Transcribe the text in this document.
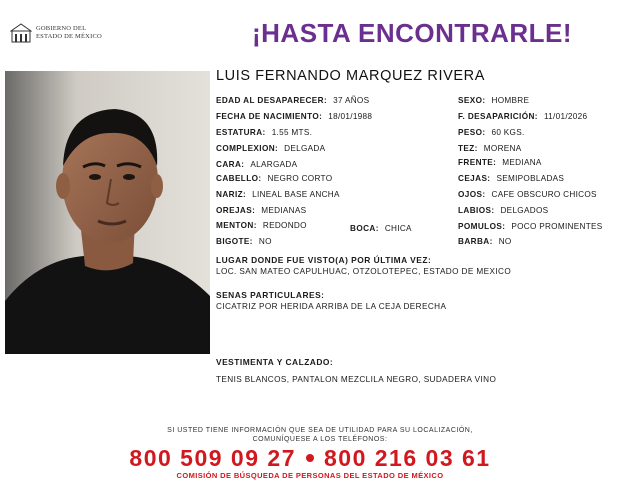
GOBIERNO DEL
ESTADO DE MÉXICO	¡HASTA ENCONTRARLE!
LUIS FERNANDO MARQUEZ RIVERA
EDAD AL DESAPARECER: 37 AÑOS
FECHA DE NACIMIENTO: 18/01/1988
ESTATURA: 1.55 MTS.
COMPLEXION: DELGADA
CARA: ALARGADA
CABELLO: NEGRO CORTO
NARIZ: LINEAL BASE ANCHA
OREJAS: MEDIANAS
MENTON: REDONDO	BOCA: CHICA
BIGOTE: NO
SEXO: HOMBRE
F. DESAPARICIÓN: 11/01/2026
PESO: 60 KGS.
TEZ: MORENA
FRENTE: MEDIANA
CEJAS: SEMIPOBLADAS
OJOS: CAFE OBSCURO CHICOS
LABIOS: DELGADOS
POMULOS: POCO PROMINENTES
BARBA: NO
LUGAR DONDE FUE VISTO(A) POR ÚLTIMA VEZ:
LOC. SAN MATEO CAPULHUAC, OTZOLOTEPEC, ESTADO DE MEXICO
SENAS PARTICULARES:
CICATRIZ POR HERIDA ARRIBA DE LA CEJA DERECHA
VESTIMENTA Y CALZADO:
TENIS BLANCOS, PANTALON MEZCLILA NEGRO, SUDADERA VINO
SI USTED TIENE INFORMACIÓN QUE SEA DE UTILIDAD PARA SU LOCALIZACIÓN,
COMUNÍQUESE A LOS TELÉFONOS:
800 509 09 27 800 216 03 61
COMISIÓN DE BÚSQUEDA DE PERSONAS DEL ESTADO DE MÉXICO
